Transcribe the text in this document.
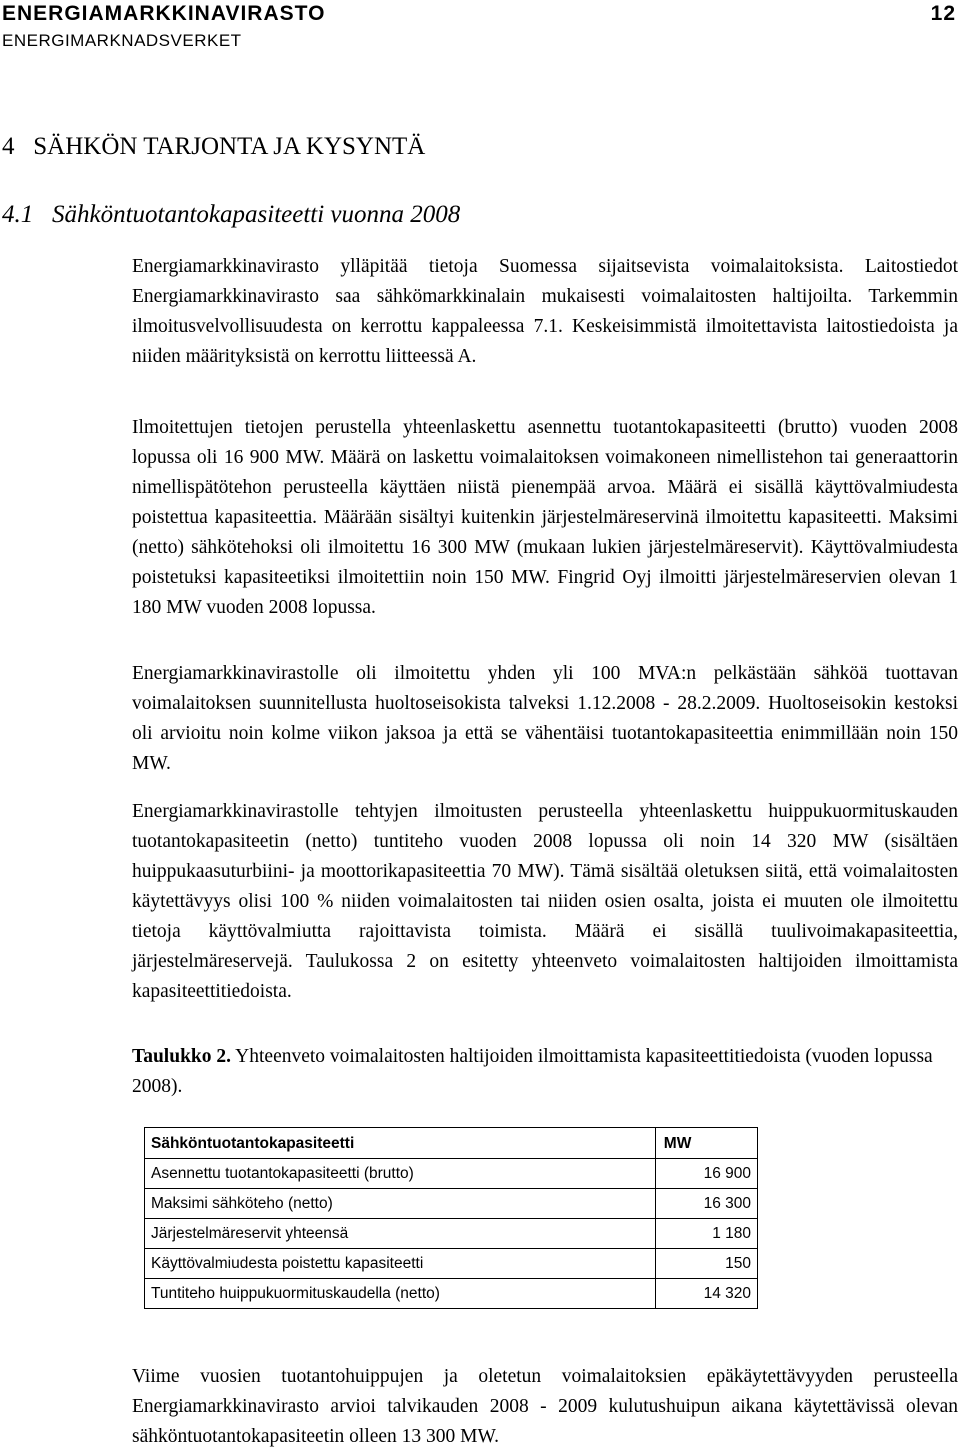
ENERGIAMARKKINAVIRASTO	12
ENERGIMARKNADSVERKET
4   SÄHKÖN TARJONTA JA KYSYNTÄ
4.1   Sähköntuotantokapasiteetti vuonna 2008

Energiamarkkinavirasto ylläpitää tietoja Suomessa sijaitsevista voimalaitoksista. Laitostiedot Energiamarkkinavirasto saa sähkömarkkinalain mukaisesti voimalaitosten haltijoilta. Tarkemmin ilmoitusvelvollisuudesta on kerrottu kappaleessa 7.1. Keskeisimmistä ilmoitettavista laitostiedoista ja niiden määrityksistä on kerrottu liitteessä A.

Ilmoitettujen tietojen perustella yhteenlaskettu asennettu tuotantokapasiteetti (brutto) vuoden 2008 lopussa oli 16 900 MW. Määrä on laskettu voimalaitoksen voimakoneen nimellistehon tai generaattorin nimellispätötehon perusteella käyttäen niistä pienempää arvoa. Määrä ei sisällä käyttövalmiudesta poistettua kapasiteettia. Määrään sisältyi kuitenkin järjestelmäreservinä ilmoitettu kapasiteetti. Maksimi (netto) sähkötehoksi oli ilmoitettu 16 300 MW (mukaan lukien järjestelmäreservit). Käyttövalmiudesta poistetuksi kapasiteetiksi ilmoitettiin noin 150 MW. Fingrid Oyj ilmoitti järjestelmäreservien olevan 1 180 MW vuoden 2008 lopussa.

Energiamarkkinavirastolle oli ilmoitettu yhden yli 100 MVA:n pelkästään sähköä tuottavan voimalaitoksen suunnitellusta huoltoseisokista talveksi 1.12.2008 - 28.2.2009. Huoltoseisokin kestoksi oli arvioitu noin kolme viikon jaksoa ja että se vähentäisi tuotantokapasiteettia enimmillään noin 150 MW.

Energiamarkkinavirastolle tehtyjen ilmoitusten perusteella yhteenlaskettu huippukuormituskauden tuotantokapasiteetin (netto) tuntiteho vuoden 2008 lopussa oli noin 14 320 MW (sisältäen huippukaasuturbiini- ja moottorikapasiteettia 70 MW). Tämä sisältää oletuksen siitä, että voimalaitosten käytettävyys olisi 100 % niiden voimalaitosten tai niiden osien osalta, joista ei muuten ole ilmoitettu tietoja käyttövalmiutta rajoittavista toimista. Määrä ei sisällä tuulivoimakapasiteettia, järjestelmäreservejä. Taulukossa 2 on esitetty yhteenveto voimalaitosten haltijoiden ilmoittamista kapasiteettitiedoista.

Taulukko 2. Yhteenveto voimalaitosten haltijoiden ilmoittamista kapasiteettitiedoista (vuoden lopussa 2008).

Sähköntuotantokapasiteetti	MW
Asennettu tuotantokapasiteetti (brutto)	16 900
Maksimi sähköteho (netto)	16 300
Järjestelmäreservit yhteensä	1 180
Käyttövalmiudesta poistettu kapasiteetti	150
Tuntiteho huippukuormituskaudella (netto)	14 320

Viime vuosien tuotantohuippujen ja oletetun voimalaitoksien epäkäytettävyyden perusteella Energiamarkkinavirasto arvioi talvikauden 2008 - 2009 kulutushuipun aikana käytettävissä olevan sähköntuotantokapasiteetin olleen 13 300 MW.
